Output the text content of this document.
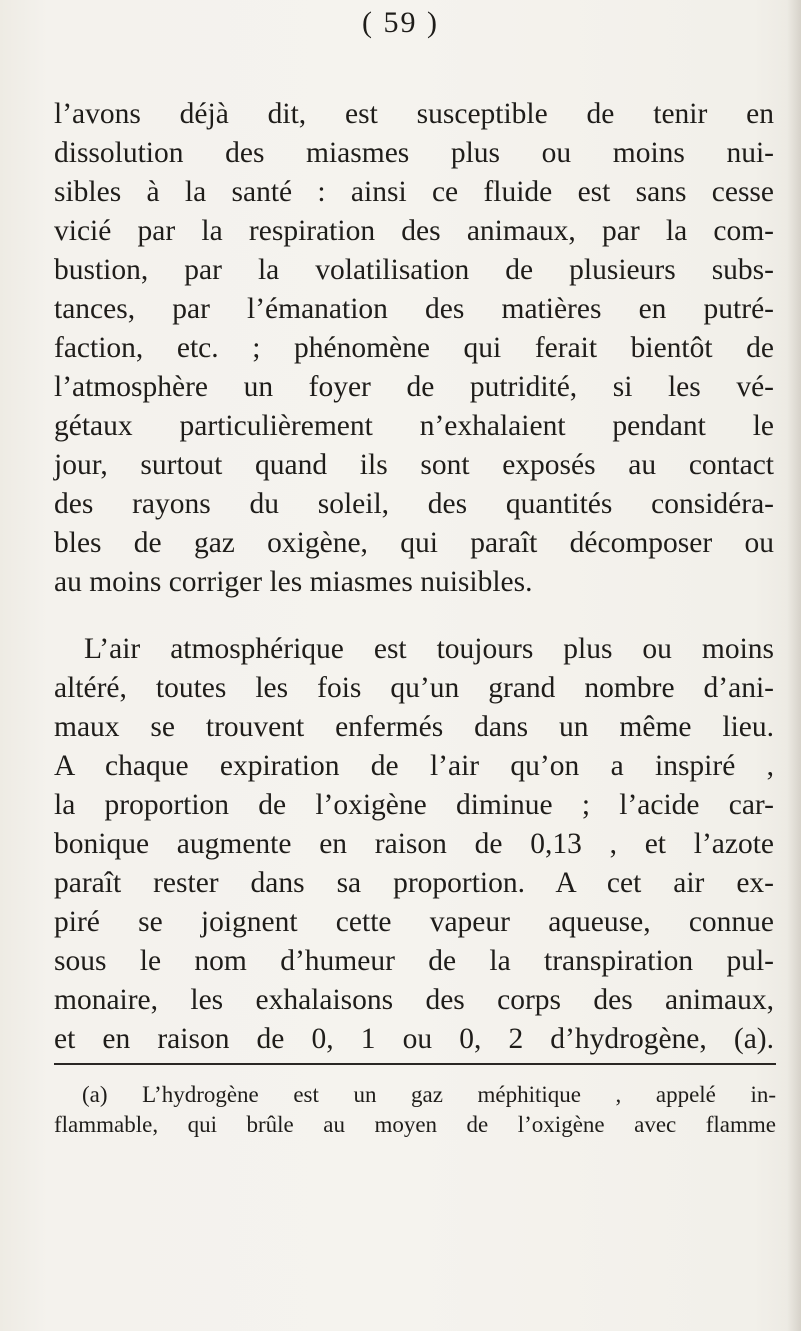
( 59 )
l’avons déjà dit, est susceptible de tenir en
dissolution des miasmes plus ou moins nui-
sibles à la santé : ainsi ce fluide est sans cesse
vicié par la respiration des animaux, par la com-
bustion, par la volatilisation de plusieurs subs-
tances, par l’émanation des matières en putré-
faction, etc. ; phénomène qui ferait bientôt de
l’atmosphère un foyer de putridité, si les vé-
gétaux particulièrement n’exhalaient pendant le
jour, surtout quand ils sont exposés au contact
des rayons du soleil, des quantités considéra-
bles de gaz oxigène, qui paraît décomposer ou
au moins corriger les miasmes nuisibles.
L’air atmosphérique est toujours plus ou moins
altéré, toutes les fois qu’un grand nombre d’ani-
maux se trouvent enfermés dans un même lieu.
A chaque expiration de l’air qu’on a inspiré ,
la proportion de l’oxigène diminue ; l’acide car-
bonique augmente en raison de 0,13 , et l’azote
paraît rester dans sa proportion. A cet air ex-
piré se joignent cette vapeur aqueuse, connue
sous le nom d’humeur de la transpiration pul-
monaire, les exhalaisons des corps des animaux,
et en raison de 0, 1 ou 0, 2 d’hydrogène, (a).
(a) L’hydrogène est un gaz méphitique , appelé in-
flammable, qui brûle au moyen de l’oxigène avec flamme
